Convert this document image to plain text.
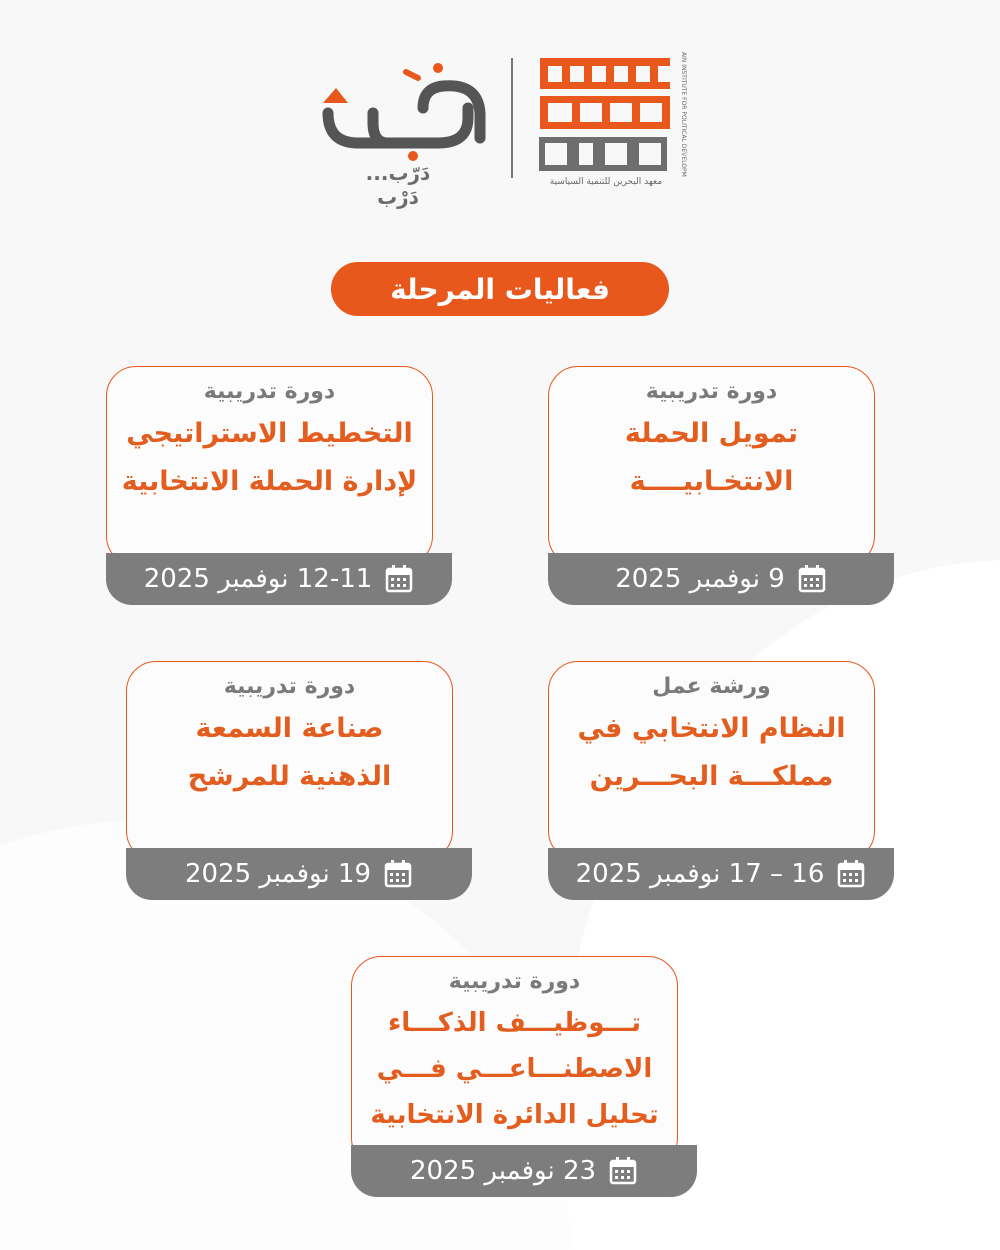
دَرّب... دَرْب
BAHRAIN INSTITUTE FOR POLITICAL DEVELOPMENT
معهد البحرين للتنمية السياسية
فعاليات المرحلة
دورة تدريبية
تمويل الحملة
الانتخـابيــــة
9 نوفمبر 2025
دورة تدريبية
التخطيط الاستراتيجي
لإدارة الحملة الانتخابية
12-11 نوفمبر 2025
ورشة عمل
النظام الانتخابي في
مملكـــة البحـــرين
16 – 17 نوفمبر 2025
دورة تدريبية
صناعة السمعة
الذهنية للمرشح
19 نوفمبر 2025
دورة تدريبية
تـــوظيـــف الذكـــاء
الاصطنـــاعـــي فـــي
تحليل الدائرة الانتخابية
23 نوفمبر 2025
